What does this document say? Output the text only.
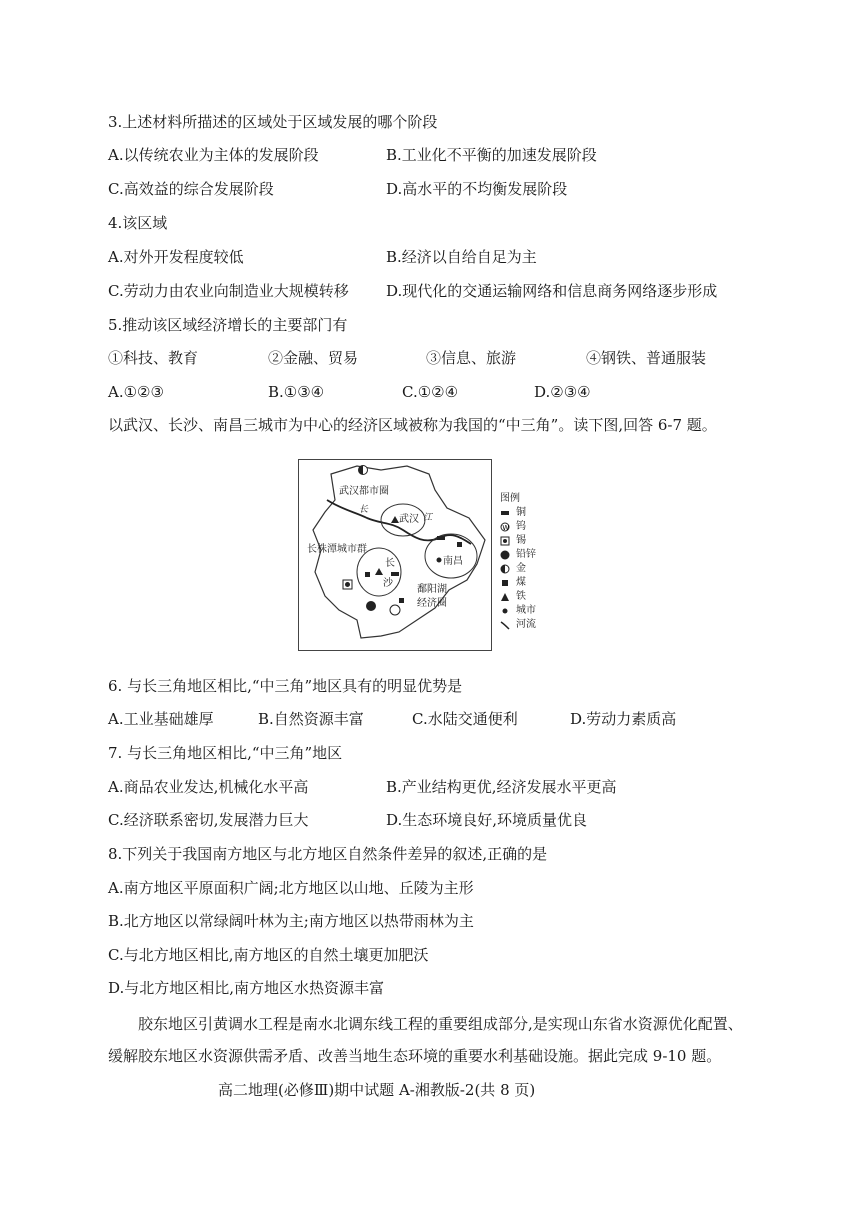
3.上述材料所描述的区域处于区域发展的哪个阶段
A.以传统农业为主体的发展阶段	B.工业化不平衡的加速发展阶段
C.高效益的综合发展阶段	D.高水平的不均衡发展阶段
4.该区域
A.对外开发程度较低	B.经济以自给自足为主
C.劳动力由农业向制造业大规模转移 D.现代化的交通运输网络和信息商务网络逐步形成
5.推动该区域经济增长的主要部门有
①科技、教育	②金融、贸易	③信息、旅游	④钢铁、普通服装
A.①②③	B.①③④	C.①②④	D.②③④
以武汉、长沙、南昌三城市为中心的经济区域被称为我国的“中三角”。读下图,回答 6-7 题。
武汉都市圈
长
武汉 江
长株潭城市群
长
沙
南昌
鄱阳湖
经济圈
图例
铜
W 钨
锡
铅锌
金
煤
铁
城市
河流
6. 与长三角地区相比,“中三角”地区具有的明显优势是
A.工业基础雄厚	B.自然资源丰富	C.水陆交通便利	D.劳动力素质高
7. 与长三角地区相比,“中三角”地区
A.商品农业发达,机械化水平高	B.产业结构更优,经济发展水平更高
C.经济联系密切,发展潜力巨大	D.生态环境良好,环境质量优良
8.下列关于我国南方地区与北方地区自然条件差异的叙述,正确的是
A.南方地区平原面积广阔;北方地区以山地、丘陵为主形
B.北方地区以常绿阔叶林为主;南方地区以热带雨林为主
C.与北方地区相比,南方地区的自然土壤更加肥沃
D.与北方地区相比,南方地区水热资源丰富
胶东地区引黄调水工程是南水北调东线工程的重要组成部分,是实现山东省水资源优化配置、缓解胶东地区水资源供需矛盾、改善当地生态环境的重要水利基础设施。据此完成 9-10 题。
高二地理(必修Ⅲ)期中试题 A-湘教版-2(共 8 页)
